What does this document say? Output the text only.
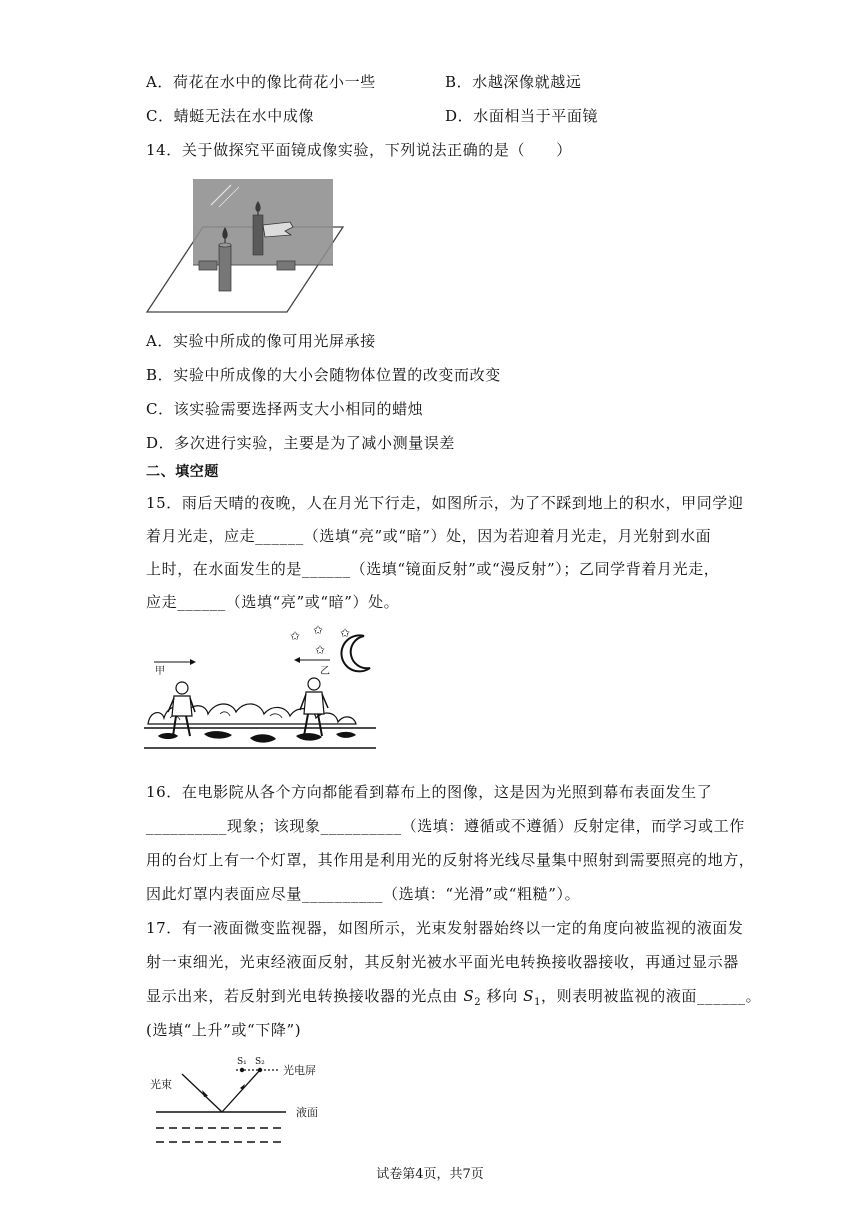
A．荷花在水中的像比荷花小一些	B．水越深像就越远
C．蜻蜓无法在水中成像	D．水面相当于平面镜
14．关于做探究平面镜成像实验，下列说法正确的是（　　）
A．实验中所成的像可用光屏承接
B．实验中所成像的大小会随物体位置的改变而改变
C．该实验需要选择两支大小相同的蜡烛
D．多次进行实验，主要是为了减小测量误差
二、填空题
15．雨后天晴的夜晚，人在月光下行走，如图所示，为了不踩到地上的积水，甲同学迎
着月光走，应走______（选填“亮”或“暗”）处，因为若迎着月光走，月光射到水面
上时，在水面发生的是______（选填“镜面反射”或“漫反射”）；乙同学背着月光走，
应走______（选填“亮”或“暗”）处。
✩ ✩ ✩
✩
甲	乙
16．在电影院从各个方向都能看到幕布上的图像，这是因为光照到幕布表面发生了
__________现象；该现象__________（选填：遵循或不遵循）反射定律，而学习或工作
用的台灯上有一个灯罩，其作用是利用光的反射将光线尽量集中照射到需要照亮的地方，
因此灯罩内表面应尽量__________（选填：“光滑”或“粗糙”）。
17．有一液面微变监视器，如图所示，光束发射器始终以一定的角度向被监视的液面发
射一束细光，光束经液面反射，其反射光被水平面光电转换接收器接收，再通过显示器
显示出来，若反射到光电转换接收器的光点由 $S_2$ 移向 $S_1$，则表明被监视的液面______。
(选填“上升”或“下降”)
S₁ S₂
光电屏
光束
液面
试卷第4页，共7页
